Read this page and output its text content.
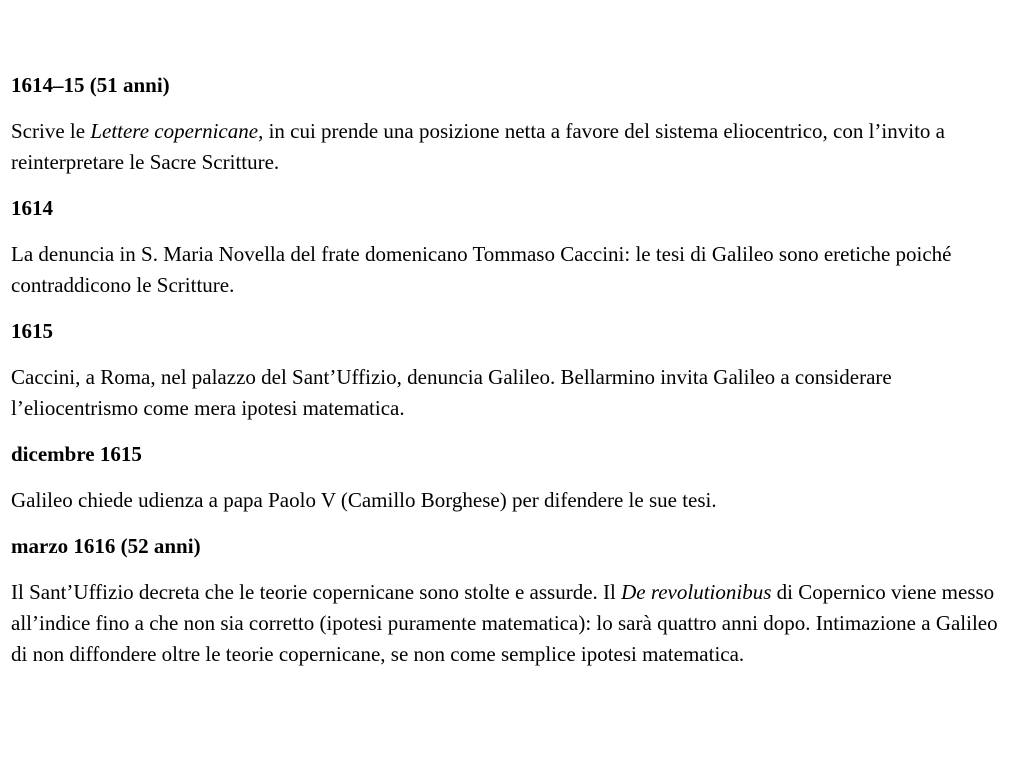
1614–15 (51 anni)

Scrive le Lettere copernicane, in cui prende una posizione netta a favore del sistema eliocentrico, con l’invito a reinterpretare le Sacre Scritture.

1614

La denuncia in S. Maria Novella del frate domenicano Tommaso Caccini: le tesi di Galileo sono eretiche poiché contraddicono le Scritture.

1615

Caccini, a Roma, nel palazzo del Sant’Uffizio, denuncia Galileo. Bellarmino invita Galileo a considerare l’eliocentrismo come mera ipotesi matematica.

dicembre 1615

Galileo chiede udienza a papa Paolo V (Camillo Borghese) per difendere le sue tesi.

marzo 1616 (52 anni)

Il Sant’Uffizio decreta che le teorie copernicane sono stolte e assurde. Il De revolutionibus di Copernico viene messo all’indice fino a che non sia corretto (ipotesi puramente matematica): lo sarà quattro anni dopo. Intimazione a Galileo di non diffondere oltre le teorie copernicane, se non come semplice ipotesi matematica.
